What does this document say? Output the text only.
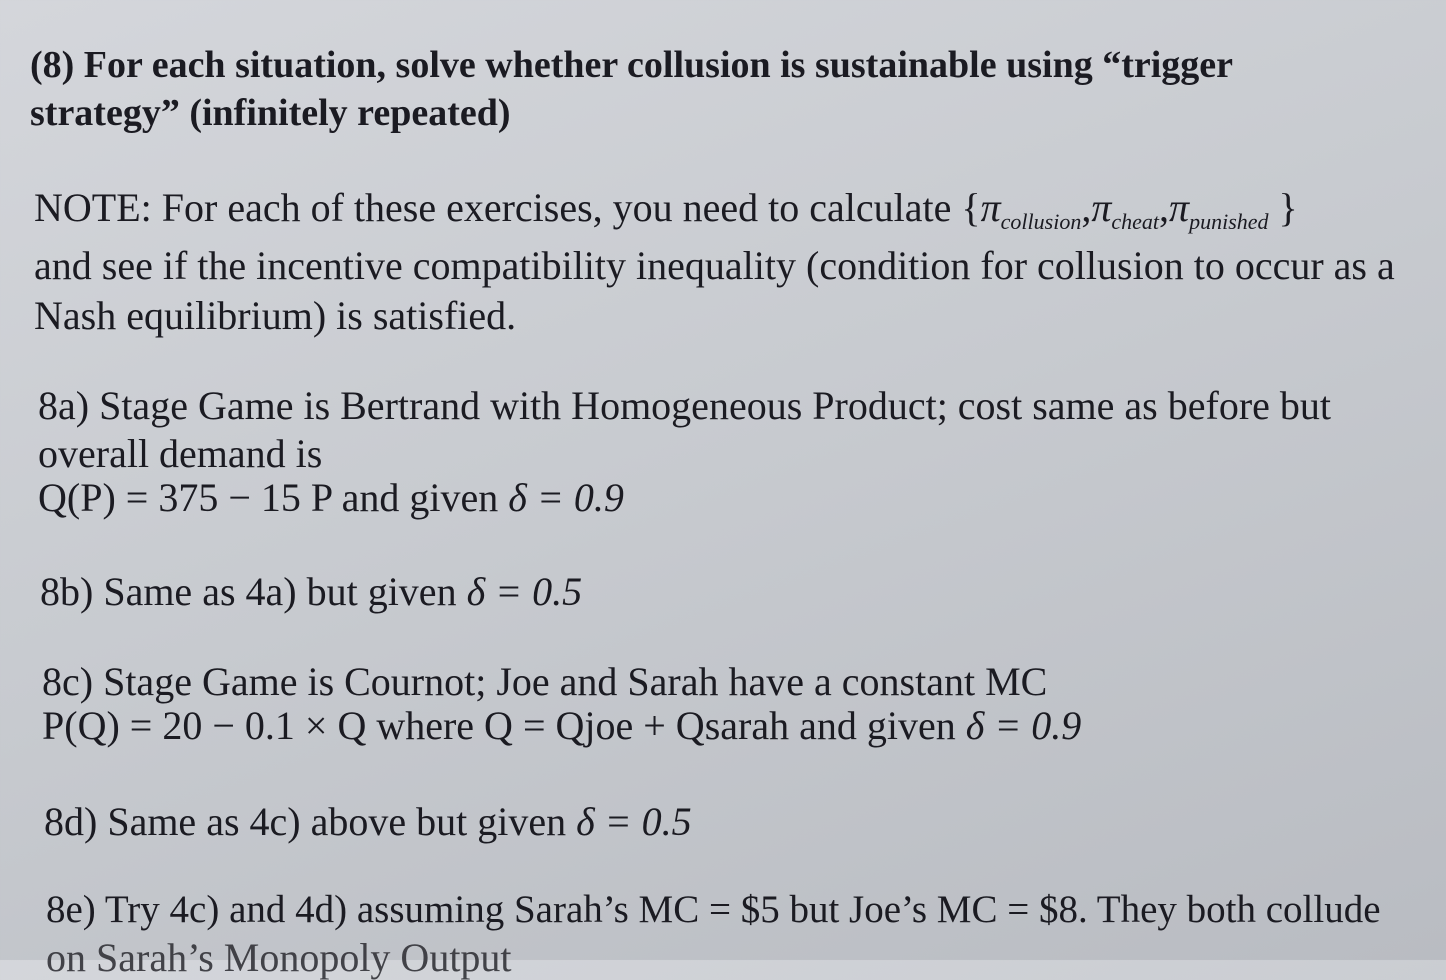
(8) For each situation, solve whether collusion is sustainable using “trigger
strategy” (infinitely repeated)
NOTE: For each of these exercises, you need to calculate {$\pi_{collusion},\pi_{cheat},\pi_{punished}$ }
and see if the incentive compatibility inequality (condition for collusion to occur as a
Nash equilibrium) is satisfied.
8a) Stage Game is Bertrand with Homogeneous Product; cost same as before but
overall demand is
Q(P) = 375 − 15 P and given δ = 0.9
8b) Same as 4a) but given δ = 0.5
8c) Stage Game is Cournot; Joe and Sarah have a constant MC
P(Q) = 20 − 0.1 × Q where Q = Qjoe + Qsarah and given δ = 0.9
8d) Same as 4c) above but given δ = 0.5
8e) Try 4c) and 4d) assuming Sarah’s MC = $5 but Joe’s MC = $8. They both collude
on Sarah’s Monopoly Output
